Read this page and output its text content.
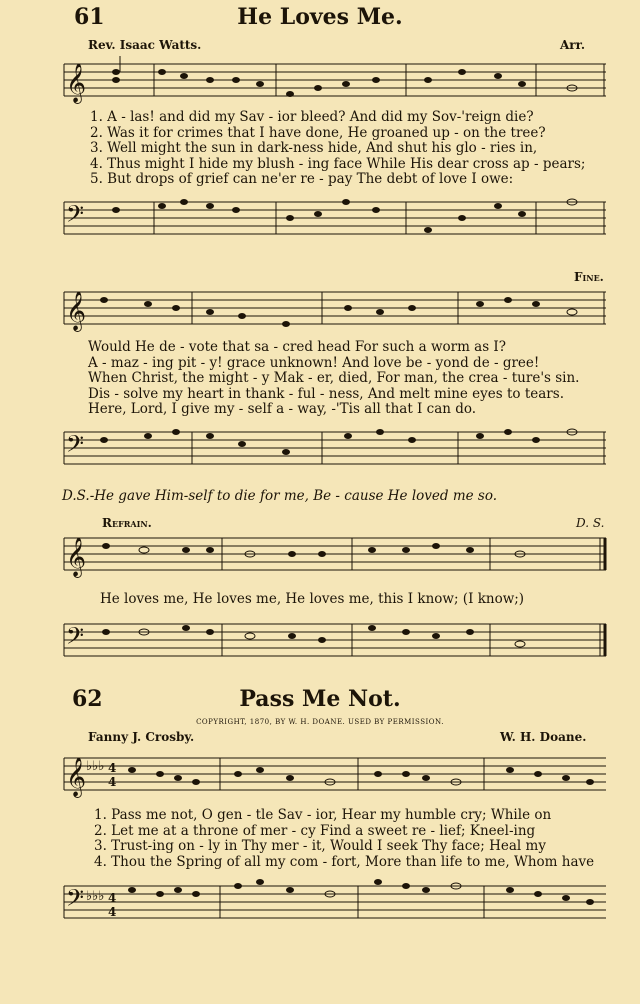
61	He Loves Me.
Rev. Isaac Watts.	Arr.
𝄞
1. A - las! and did my Sav - ior bleed? And did my Sov-'reign die?
2. Was it for crimes that I have done, He groaned up - on the tree?
3. Well might the sun in dark-ness hide, And shut his glo - ries in,
4. Thus might I hide my blush - ing face While His dear cross ap - pears;
5. But drops of grief can ne'er re - pay The debt of love I owe:
𝄢
Fine.
𝄞
Would He de - vote that sa - cred head For such a worm as I?
A - maz - ing pit - y! grace unknown! And love be - yond de - gree!
When Christ, the might - y Mak - er, died, For man, the crea - ture's sin.
Dis - solve my heart in thank - ful - ness, And melt mine eyes to tears.
Here, Lord, I give my - self a - way, -'Tis all that I can do.
𝄢
D.S.-He gave Him-self to die for me, Be - cause He loved me so.
Refrain.	D. S.
𝄞
He loves me, He loves me, He loves me, this I know; (I know;)
𝄢
62	Pass Me Not.
COPYRIGHT, 1870, BY W. H. DOANE. USED BY PERMISSION.
Fanny J. Crosby.	W. H. Doane.
𝄞 ♭♭♭ 4
4
1. Pass me not, O gen - tle Sav - ior, Hear my humble cry; While on
2. Let me at a throne of mer - cy Find a sweet re - lief; Kneel-ing
3. Trust-ing on - ly in Thy mer - it, Would I seek Thy face; Heal my
4. Thou the Spring of all my com - fort, More than life to me, Whom have
𝄢 ♭♭♭ 4
4
